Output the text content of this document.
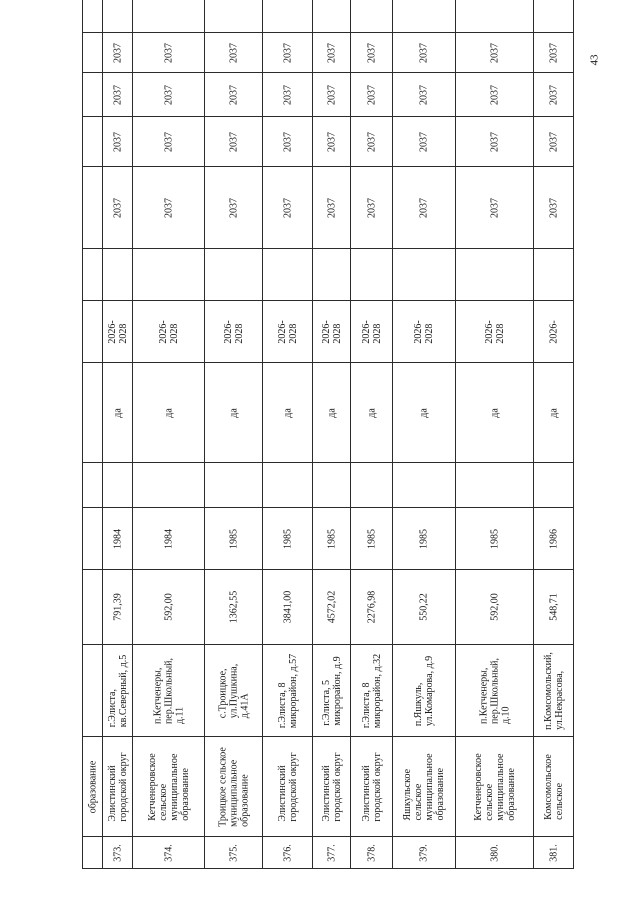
43
образование
373.
Элистинский городской округ
г.Элиста, кв.Северный, д.5
791,39
1984
да
2026- 2028
2037
2037
2037
2037
374.
Кетченеровское сельское муниципальное образование
п.Кетченеры, пер.Школьный, д.11
592,00
1984
да
2026- 2028
2037
2037
2037
2037
375.
Троицкое сельское муниципальное образование
с.Троицкое, ул.Пушкина, д.41А
1362,55
1985
да
2026- 2028
2037
2037
2037
2037
376.
Элистинский городской округ
г.Элиста, 8 микрорайон, д.57
3841,00
1985
да
2026- 2028
2037
2037
2037
2037
377.
Элистинский городской округ
г.Элиста, 5 микрорайон, д.9
4572,02
1985
да
2026- 2028
2037
2037
2037
2037
378.
Элистинский городской округ
г.Элиста, 8 микрорайон, д.32
2276,98
1985
да
2026- 2028
2037
2037
2037
2037
379.
Яшкульское сельское муниципальное образование
п.Яшкуль, ул.Комарова, д.9
550,22
1985
да
2026- 2028
2037
2037
2037
2037
380.
Кетченеровское сельское муниципальное образование
п.Кетченеры, пер.Школьный, д.10
592,00
1985
да
2026- 2028
2037
2037
2037
2037
381.
Комсомольское сельское
п.Комсомольский, ул.Некрасова,
548,71
1986
да
2026-
2037
2037
2037
2037
